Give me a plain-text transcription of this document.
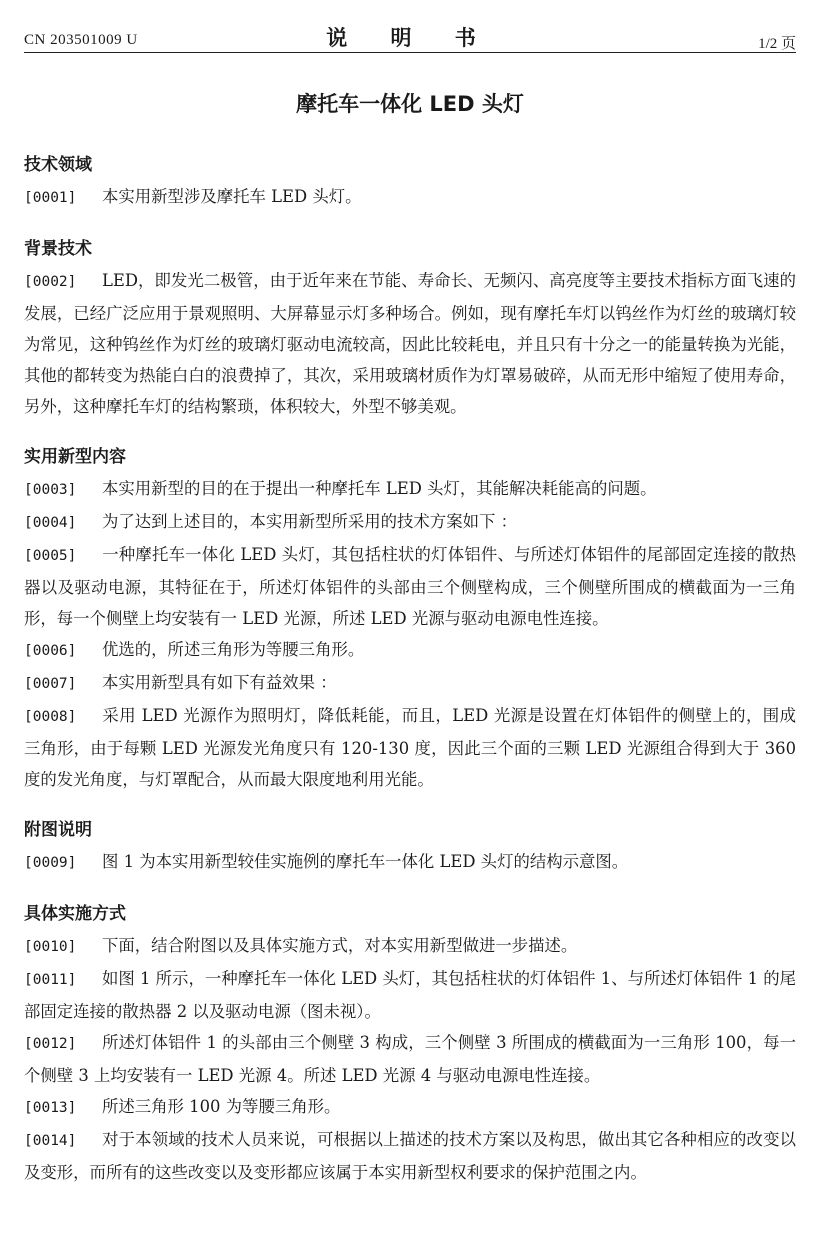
CN 203501009 U	说 明 书	1/2 页
摩托车一体化 LED 头灯
技术领域

[0001] 本实用新型涉及摩托车 LED 头灯。

背景技术

[0002] LED，即发光二极管，由于近年来在节能、寿命长、无频闪、高亮度等主要技术指标方面飞速的发展，已经广泛应用于景观照明、大屏幕显示灯多种场合。例如，现有摩托车灯以钨丝作为灯丝的玻璃灯较为常见，这种钨丝作为灯丝的玻璃灯驱动电流较高，因此比较耗电，并且只有十分之一的能量转换为光能，其他的都转变为热能白白的浪费掉了，其次，采用玻璃材质作为灯罩易破碎，从而无形中缩短了使用寿命，另外，这种摩托车灯的结构繁琐，体积较大，外型不够美观。

实用新型内容

[0003] 本实用新型的目的在于提出一种摩托车 LED 头灯，其能解决耗能高的问题。

[0004] 为了达到上述目的，本实用新型所采用的技术方案如下 ：

[0005] 一种摩托车一体化 LED 头灯，其包括柱状的灯体铝件、与所述灯体铝件的尾部固定连接的散热器以及驱动电源，其特征在于，所述灯体铝件的头部由三个侧壁构成，三个侧壁所围成的横截面为一三角形，每一个侧壁上均安装有一 LED 光源，所述 LED 光源与驱动电源电性连接。

[0006] 优选的，所述三角形为等腰三角形。

[0007] 本实用新型具有如下有益效果 ：

[0008] 采用 LED 光源作为照明灯，降低耗能，而且，LED 光源是设置在灯体铝件的侧壁上的，围成三角形，由于每颗 LED 光源发光角度只有 120-130 度，因此三个面的三颗 LED 光源组合得到大于 360 度的发光角度，与灯罩配合，从而最大限度地利用光能。

附图说明

[0009] 图 1 为本实用新型较佳实施例的摩托车一体化 LED 头灯的结构示意图。

具体实施方式

[0010] 下面，结合附图以及具体实施方式，对本实用新型做进一步描述。

[0011] 如图 1 所示，一种摩托车一体化 LED 头灯，其包括柱状的灯体铝件 1、与所述灯体铝件 1 的尾部固定连接的散热器 2 以及驱动电源（图未视）。

[0012] 所述灯体铝件 1 的头部由三个侧壁 3 构成，三个侧壁 3 所围成的横截面为一三角形 100，每一个侧壁 3 上均安装有一 LED 光源 4。所述 LED 光源 4 与驱动电源电性连接。

[0013] 所述三角形 100 为等腰三角形。

[0014] 对于本领域的技术人员来说，可根据以上描述的技术方案以及构思，做出其它各种相应的改变以及变形，而所有的这些改变以及变形都应该属于本实用新型权利要求的保护范围之内。
